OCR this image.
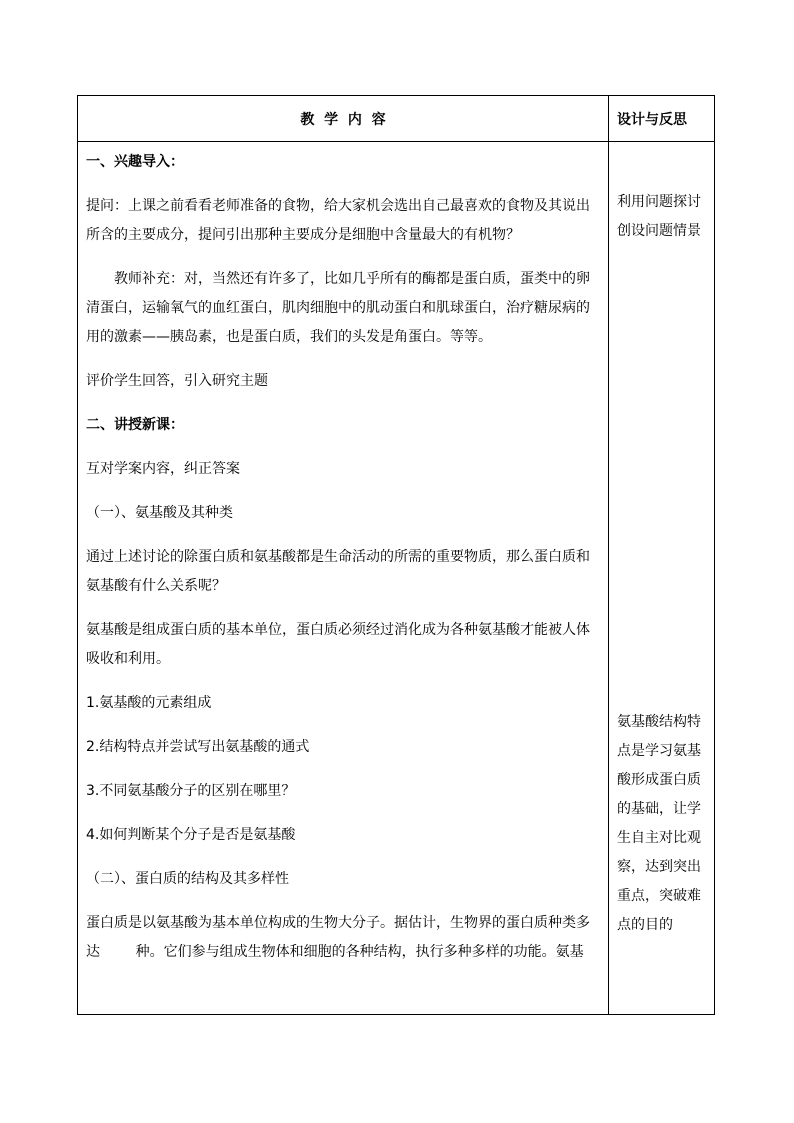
教  学  内  容	设计与反思

一、兴趣导入：

提问：上课之前看看老师准备的食物，给大家机会选出自己最喜欢的食物及其说出所含的主要成分，提问引出那种主要成分是细胞中含量最大的有机物？

教师补充：对，当然还有许多了，比如几乎所有的酶都是蛋白质，蛋类中的卵清蛋白，运输氧气的血红蛋白，肌肉细胞中的肌动蛋白和肌球蛋白，治疗糖尿病的用的激素——胰岛素，也是蛋白质，我们的头发是角蛋白。等等。

评价学生回答，引入研究主题

二、讲授新课：

互对学案内容，纠正答案

（一）、氨基酸及其种类

通过上述讨论的除蛋白质和氨基酸都是生命活动的所需的重要物质，那么蛋白质和氨基酸有什么关系呢？

氨基酸是组成蛋白质的基本单位，蛋白质必须经过消化成为各种氨基酸才能被人体吸收和利用。

1.氨基酸的元素组成

2.结构特点并尝试写出氨基酸的通式

3.不同氨基酸分子的区别在哪里？

4.如何判断某个分子是否是氨基酸

（二）、蛋白质的结构及其多样性

蛋白质是以氨基酸为基本单位构成的生物大分子。据估计，生物界的蛋白质种类多达        种。它们参与组成生物体和细胞的各种结构，执行多种多样的功能。氨基

利用问题探讨创设问题情景

氨基酸结构特点是学习氨基酸形成蛋白质的基础，让学生自主对比观察，达到突出重点，突破难点的目的
